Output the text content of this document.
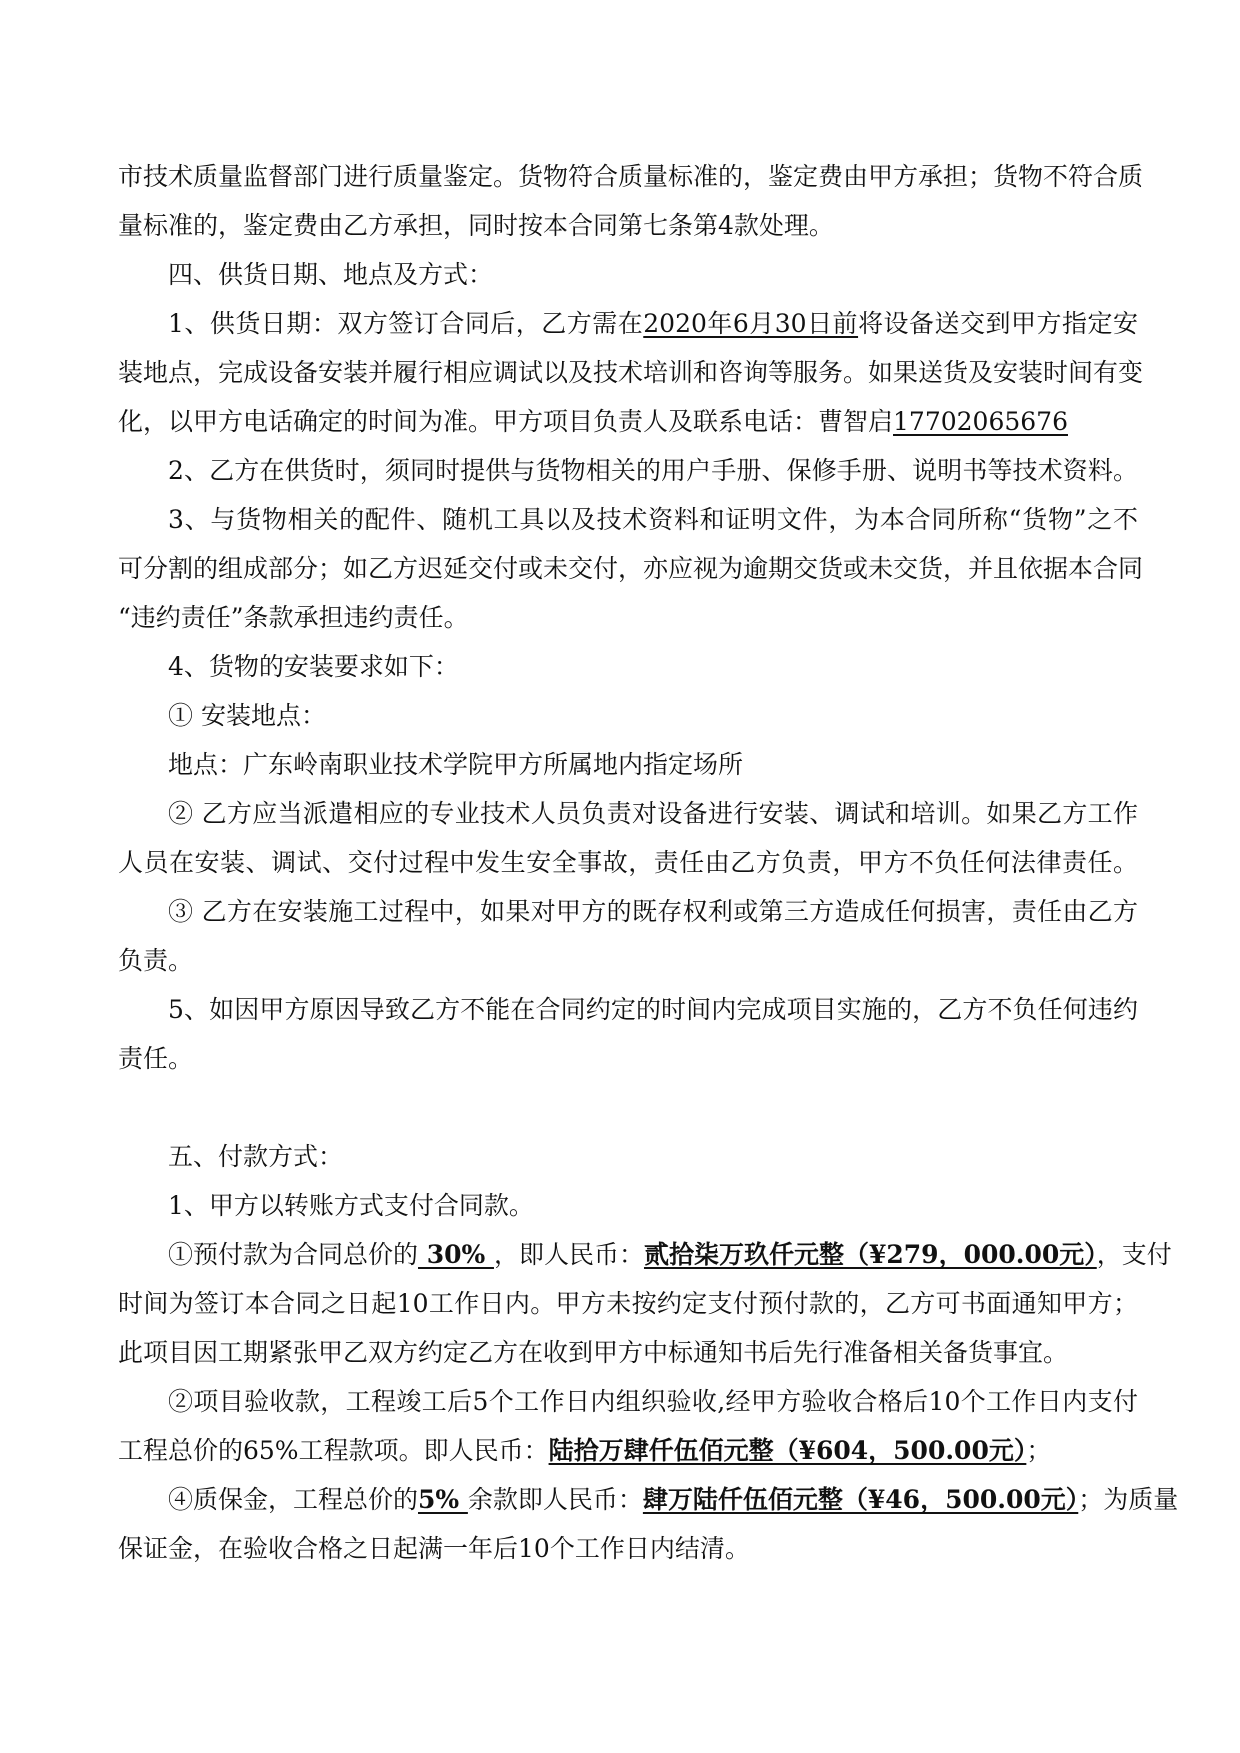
市技术质量监督部门进行质量鉴定。货物符合质量标准的，鉴定费由甲方承担；货物不符合质
量标准的，鉴定费由乙方承担，同时按本合同第七条第4款处理。
四、供货日期、地点及方式：
1、供货日期：双方签订合同后，乙方需在2020年6月30日前将设备送交到甲方指定安
装地点，完成设备安装并履行相应调试以及技术培训和咨询等服务。如果送货及安装时间有变
化，以甲方电话确定的时间为准。甲方项目负责人及联系电话：曹智启17702065676
2、乙方在供货时，须同时提供与货物相关的用户手册、保修手册、说明书等技术资料。
3、与货物相关的配件、随机工具以及技术资料和证明文件，为本合同所称“货物”之不
可分割的组成部分；如乙方迟延交付或未交付，亦应视为逾期交货或未交货，并且依据本合同
“违约责任”条款承担违约责任。
4、货物的安装要求如下：
① 安装地点：
地点：广东岭南职业技术学院甲方所属地内指定场所
② 乙方应当派遣相应的专业技术人员负责对设备进行安装、调试和培训。如果乙方工作
人员在安装、调试、交付过程中发生安全事故，责任由乙方负责，甲方不负任何法律责任。
③ 乙方在安装施工过程中，如果对甲方的既存权利或第三方造成任何损害，责任由乙方
负责。
5、如因甲方原因导致乙方不能在合同约定的时间内完成项目实施的，乙方不负任何违约
责任。
五、付款方式：
1、甲方以转账方式支付合同款。
①预付款为合同总价的 30% ，即人民币：贰拾柒万玖仟元整（¥279，000.00元），支付
时间为签订本合同之日起10工作日内。甲方未按约定支付预付款的，乙方可书面通知甲方；
此项目因工期紧张甲乙双方约定乙方在收到甲方中标通知书后先行准备相关备货事宜。
②项目验收款，工程竣工后5个工作日内组织验收,经甲方验收合格后10个工作日内支付
工程总价的65%工程款项。即人民币：陆拾万肆仟伍佰元整（¥604，500.00元）；
④质保金，工程总价的5% 余款即人民币：肆万陆仟伍佰元整（¥46，500.00元）；为质量
保证金，在验收合格之日起满一年后10个工作日内结清。
